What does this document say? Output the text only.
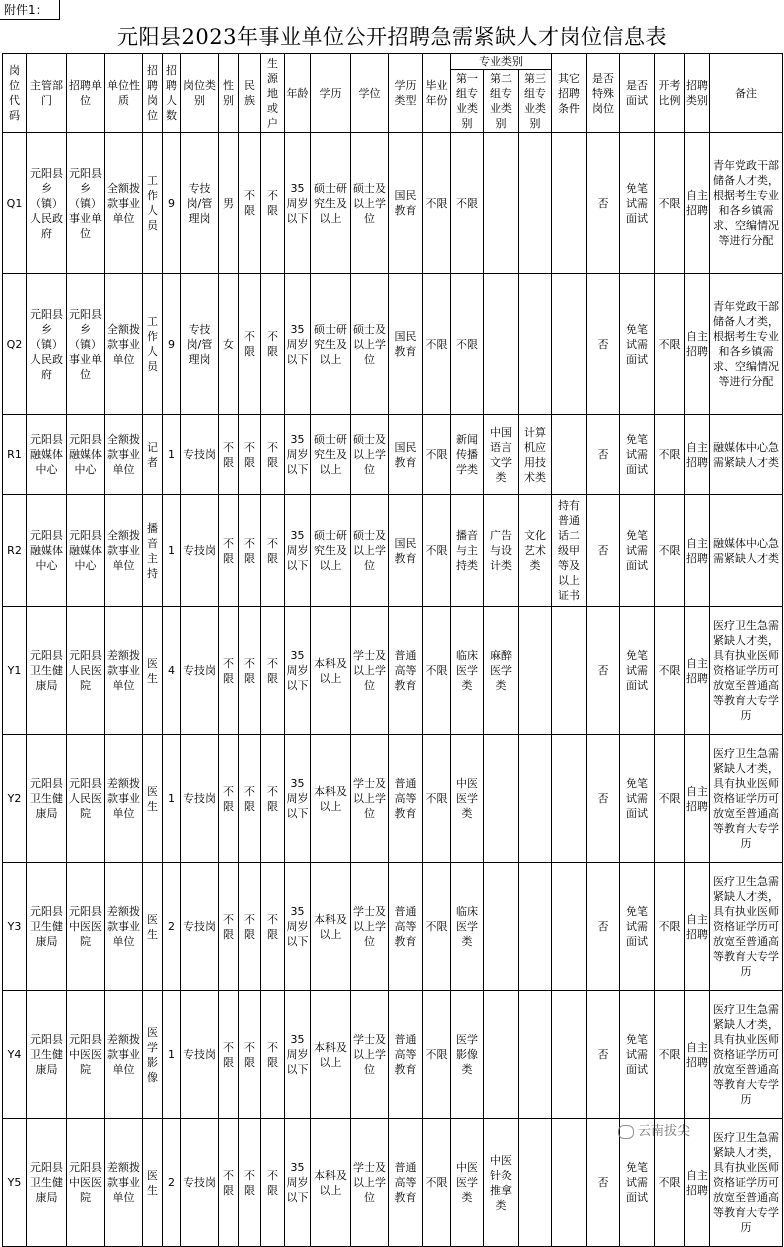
附件1：
元阳县2023年事业单位公开招聘急需紧缺人才岗位信息表
岗位代码	主管部门	招聘单位	单位性质	招聘岗位	招聘人数	岗位类别	性别	民族	生源地或户	年龄	学历	学位	学历类型	毕业年份	专业类别			其它招聘条件	是否特殊岗位	是否面试	开考比例	招聘类别	备注
															第一组专业类别	第二组专业类别	第三组专业类别						
Q1	元阳县乡（镇）人民政府	元阳县乡（镇）事业单位	全额拨款事业单位	工作人员	9	专技岗/管理岗	男	不限	不限	35周岁以下	硕士研究生及以上	硕士及以上学位	国民教育	不限	不限				否	免笔试需面试	不限	自主招聘	青年党政干部储备人才类，根据考生专业和各乡镇需求、空编情况等进行分配
Q2	元阳县乡（镇）人民政府	元阳县乡（镇）事业单位	全额拨款事业单位	工作人员	9	专技岗/管理岗	女	不限	不限	35周岁以下	硕士研究生及以上	硕士及以上学位	国民教育	不限	不限				否	免笔试需面试	不限	自主招聘	青年党政干部储备人才类，根据考生专业和各乡镇需求、空编情况等进行分配
R1	元阳县融媒体中心	元阳县融媒体中心	全额拨款事业单位	记者	1	专技岗	不限	不限	不限	35周岁以下	硕士研究生及以上	硕士及以上学位	国民教育	不限	新闻传播学类	中国语言文学类	计算机应用技术类		否	免笔试需面试	不限	自主招聘	融媒体中心急需紧缺人才类
R2	元阳县融媒体中心	元阳县融媒体中心	全额拨款事业单位	播音主持	1	专技岗	不限	不限	不限	35周岁以下	硕士研究生及以上	硕士及以上学位	国民教育	不限	播音与主持类	广告与设计类	文化艺术类	持有普通话二级甲等及以上证书	否	免笔试需面试	不限	自主招聘	融媒体中心急需紧缺人才类
Y1	元阳县卫生健康局	元阳县人民医院	差额拨款事业单位	医生	4	专技岗	不限	不限	不限	35周岁以下	本科及以上	学士及以上学位	普通高等教育	不限	临床医学类	麻醉医学类			否	免笔试需面试	不限	自主招聘	医疗卫生急需紧缺人才类，具有执业医师资格证学历可放宽至普通高等教育大专学历
Y2	元阳县卫生健康局	元阳县人民医院	差额拨款事业单位	医生	1	专技岗	不限	不限	不限	35周岁以下	本科及以上	学士及以上学位	普通高等教育	不限	中医医学类				否	免笔试需面试	不限	自主招聘	医疗卫生急需紧缺人才类，具有执业医师资格证学历可放宽至普通高等教育大专学历
Y3	元阳县卫生健康局	元阳县中医医院	差额拨款事业单位	医生	2	专技岗	不限	不限	不限	35周岁以下	本科及以上	学士及以上学位	普通高等教育	不限	临床医学类				否	免笔试需面试	不限	自主招聘	医疗卫生急需紧缺人才类，具有执业医师资格证学历可放宽至普通高等教育大专学历
Y4	元阳县卫生健康局	元阳县中医医院	差额拨款事业单位	医学影像	1	专技岗	不限	不限	不限	35周岁以下	本科及以上	学士及以上学位	普通高等教育	不限	医学影像类				否	免笔试需面试	不限	自主招聘	医疗卫生急需紧缺人才类，具有执业医师资格证学历可放宽至普通高等教育大专学历
Y5	元阳县卫生健康局	元阳县中医医院	差额拨款事业单位	医生	2	专技岗	不限	不限	不限	35周岁以下	本科及以上	学士及以上学位	普通高等教育	不限	中医医学类	中医针灸推拿类			否	免笔试需面试	不限	自主招聘	医疗卫生急需紧缺人才类，具有执业医师资格证学历可放宽至普通高等教育大专学历
云南拔尖
